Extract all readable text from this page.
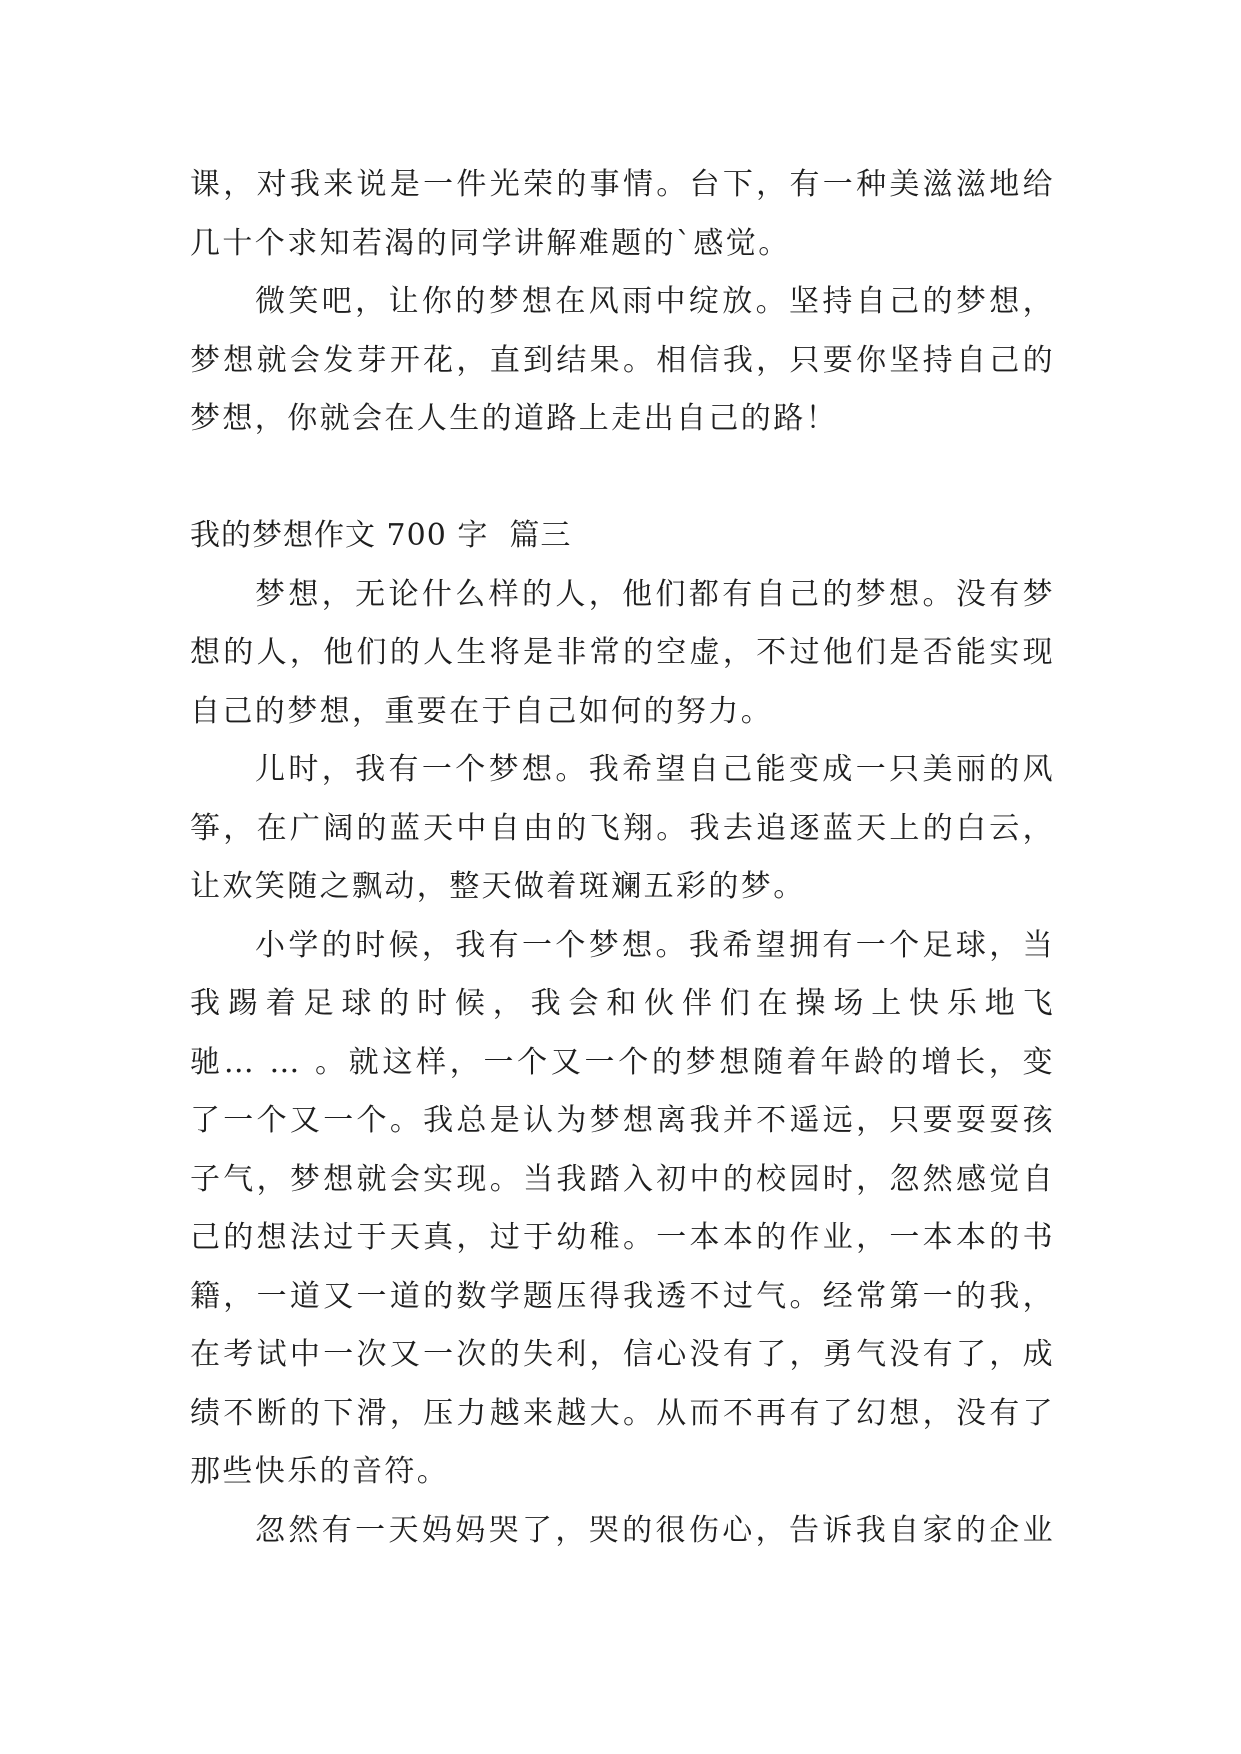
课，对我来说是一件光荣的事情。台下，有一种美滋滋地给
几十个求知若渴的同学讲解难题的`感觉。
微笑吧，让你的梦想在风雨中绽放。坚持自己的梦想，
梦想就会发芽开花，直到结果。相信我，只要你坚持自己的
梦想，你就会在人生的道路上走出自己的路！
我的梦想作文 700 字  篇三
梦想，无论什么样的人，他们都有自己的梦想。没有梦
想的人，他们的人生将是非常的空虚，不过他们是否能实现
自己的梦想，重要在于自己如何的努力。
儿时，我有一个梦想。我希望自己能变成一只美丽的风
筝，在广阔的蓝天中自由的飞翔。我去追逐蓝天上的白云，
让欢笑随之飘动，整天做着斑斓五彩的梦。
小学的时候，我有一个梦想。我希望拥有一个足球，当
我踢着足球的时候，我会和伙伴们在操场上快乐地飞
驰… … 。就这样，一个又一个的梦想随着年龄的增长，变
了一个又一个。我总是认为梦想离我并不遥远，只要耍耍孩
子气，梦想就会实现。当我踏入初中的校园时，忽然感觉自
己的想法过于天真，过于幼稚。一本本的作业，一本本的书
籍，一道又一道的数学题压得我透不过气。经常第一的我，
在考试中一次又一次的失利，信心没有了，勇气没有了，成
绩不断的下滑，压力越来越大。从而不再有了幻想，没有了
那些快乐的音符。
忽然有一天妈妈哭了，哭的很伤心，告诉我自家的企业
